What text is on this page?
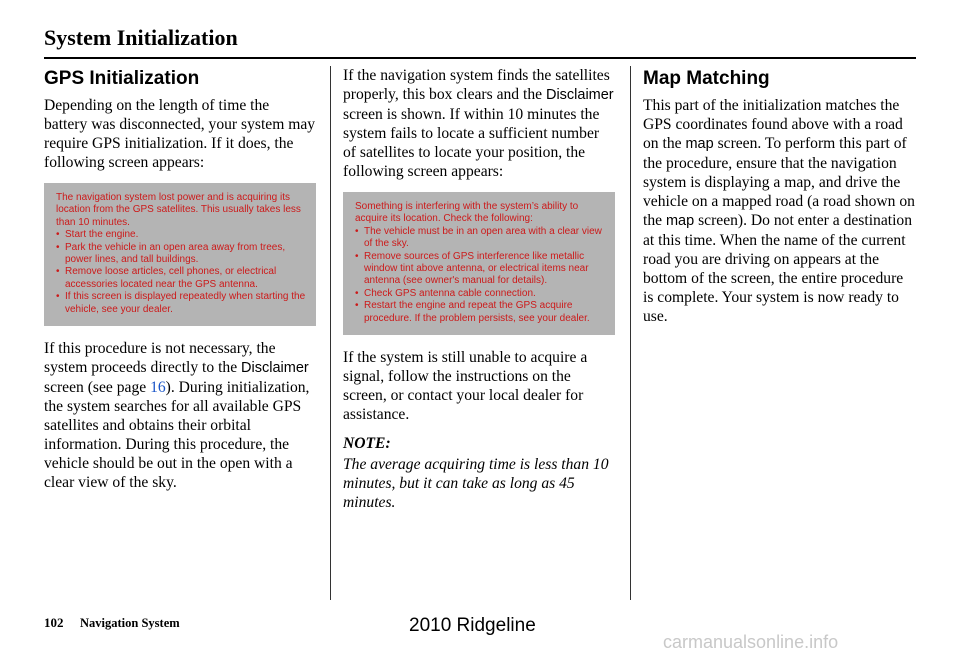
System Initialization
GPS Initialization

Depending on the length of time the battery was disconnected, your system may require GPS initialization. If it does, the following screen appears:

The navigation system lost power and is acquiring its location from the GPS satellites. This usually takes less than 10 minutes.
• Start the engine.
• Park the vehicle in an open area away from trees, power lines, and tall buildings.
• Remove loose articles, cell phones, or electrical accessories located near the GPS antenna.
• If this screen is displayed repeatedly when starting the vehicle, see your dealer.

If this procedure is not necessary, the system proceeds directly to the Disclaimer screen (see page 16). During initialization, the system searches for all available GPS satellites and obtains their orbital information. During this procedure, the vehicle should be out in the open with a clear view of the sky.

If the navigation system finds the satellites properly, this box clears and the Disclaimer screen is shown. If within 10 minutes the system fails to locate a sufficient number of satellites to locate your position, the following screen appears:

Something is interfering with the system’s ability to acquire its location. Check the following:
• The vehicle must be in an open area with a clear view of the sky.
• Remove sources of GPS interference like metallic window tint above antenna, or electrical items near antenna (see owner's manual for details).
• Check GPS antenna cable connection.
• Restart the engine and repeat the GPS acquire procedure. If the problem persists, see your dealer.

If the system is still unable to acquire a signal, follow the instructions on the screen, or contact your local dealer for assistance.

NOTE:

The average acquiring time is less than 10 minutes, but it can take as long as 45 minutes.

Map Matching

This part of the initialization matches the GPS coordinates found above with a road on the map screen. To perform this part of the procedure, ensure that the navigation system is displaying a map, and drive the vehicle on a mapped road (a road shown on the map screen). Do not enter a destination at this time. When the name of the current road you are driving on appears at the bottom of the screen, the entire procedure is complete. Your system is now ready to use.

102 Navigation System	2010 Ridgeline
carmanualsonline.info
